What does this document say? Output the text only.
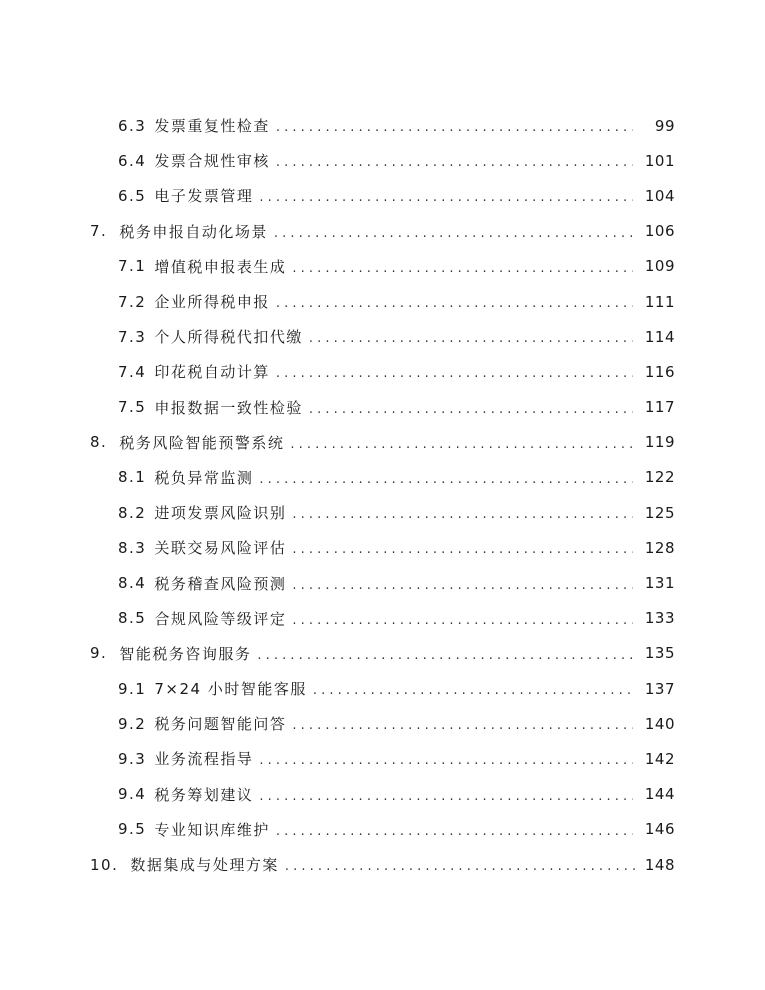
6.3 发票重复性检查 . . .	99
6.4 发票合规性审核 . . .	101
6.5 电子发票管理 . . .	104
7. 税务申报自动化场景 . . .	106
7.1 增值税申报表生成 . . .	109
7.2 企业所得税申报 . . .	111
7.3 个人所得税代扣代缴 . . .	114
7.4 印花税自动计算 . . .	116
7.5 申报数据一致性检验 . . .	117
8. 税务风险智能预警系统 . . .	119
8.1 税负异常监测 . . .	122
8.2 进项发票风险识别 . . .	125
8.3 关联交易风险评估 . . .	128
8.4 税务稽查风险预测 . . .	131
8.5 合规风险等级评定 . . .	133
9. 智能税务咨询服务 . . .	135
9.1 7×24 小时智能客服 . . .	137
9.2 税务问题智能问答 . . .	140
9.3 业务流程指导 . . .	142
9.4 税务筹划建议 . . .	144
9.5 专业知识库维护 . . .	146
10. 数据集成与处理方案 . . .	148
